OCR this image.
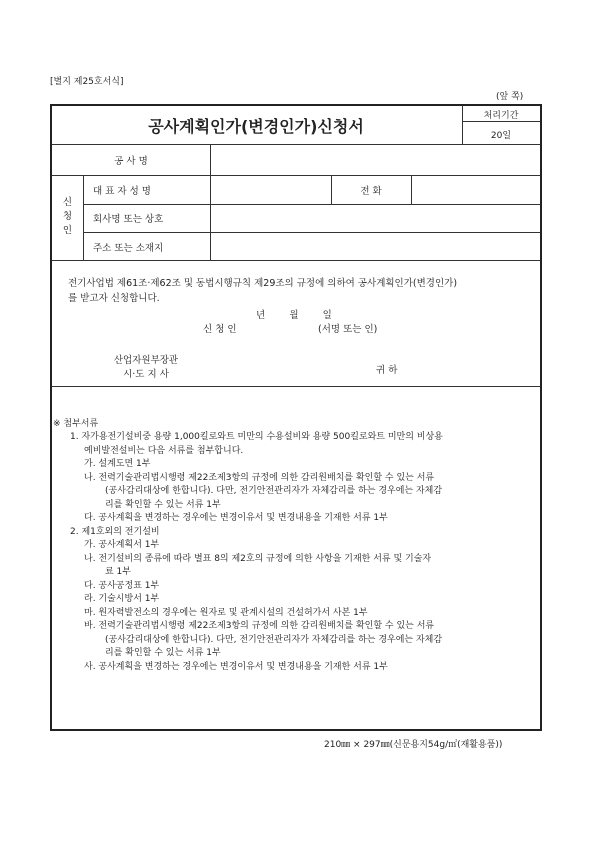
[별지 제25호서식]
(앞 쪽)
공사계획인가(변경인가)신청서
처리기간
20일
공 사 명
신
청
인
대 표 자 성 명	전 화
회사명 또는 상호
주소 또는 소재지
전기사업법 제61조·제62조 및 동법시행규칙 제29조의 규정에 의하여 공사계획인가(변경인가)
를 받고자 신청합니다.
년        월        일
신 청 인	(서명 또는 인)
산업자원부장관
시·도 지 사	귀 하
※ 첨부서류

1. 자가용전기설비중 용량 1,000킬로와트 미만의 수용설비와 용량 500킬로와트 미만의 비상용

예비발전설비는 다음 서류를 첨부합니다.

가. 설계도면 1부

나. 전력기술관리법시행령 제22조제3항의 규정에 의한 감리원배치를 확인할 수 있는 서류

(공사감리대상에 한합니다). 다만, 전기안전관리자가 자체감리를 하는 경우에는 자체감

리를 확인할 수 있는 서류 1부

다. 공사계획을 변경하는 경우에는 변경이유서 및 변경내용을 기재한 서류 1부

2. 제1호외의 전기설비

가. 공사계획서 1부

나. 전기설비의 종류에 따라 별표 8의 제2호의 규정에 의한 사항을 기재한 서류 및 기술자

료 1부

다. 공사공정표 1부

라. 기술시방서 1부

마. 원자력발전소의 경우에는 원자로 및 관계시설의 건설허가서 사본 1부

바. 전력기술관리법시행령 제22조제3항의 규정에 의한 감리원배치를 확인할 수 있는 서류

(공사감리대상에 한합니다). 다만, 전기안전관리자가 자체감리를 하는 경우에는 자체감

리를 확인할 수 있는 서류 1부

사. 공사계획을 변경하는 경우에는 변경이유서 및 변경내용을 기재한 서류 1부

210㎜ × 297㎜(신문용지54g/㎡(재활용품))
